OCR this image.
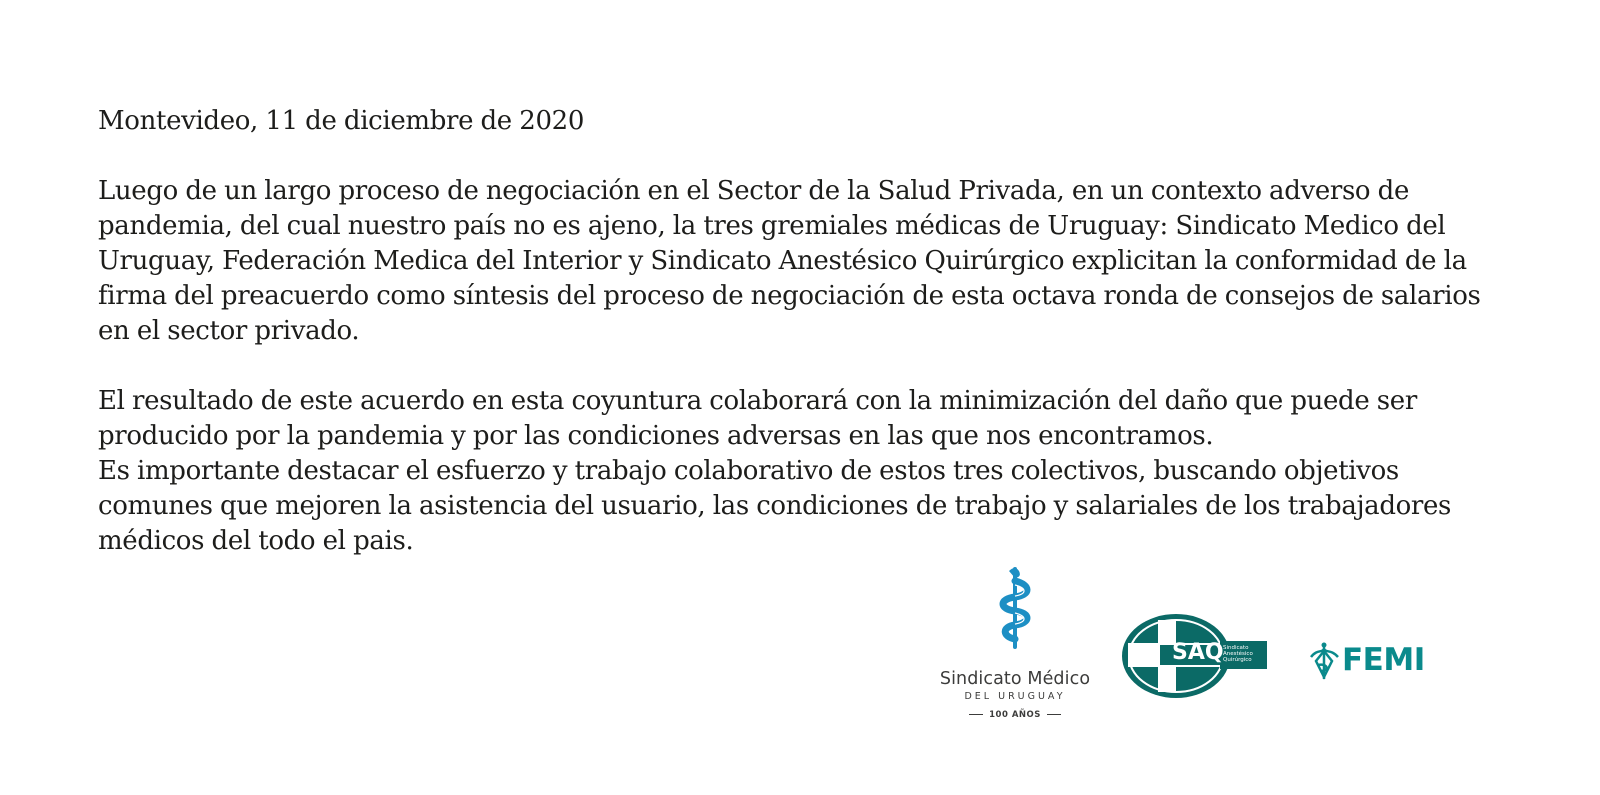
Montevideo, 11 de diciembre de 2020

Luego de un largo proceso de negociación en el Sector de la Salud Privada, en un contexto adverso de pandemia, del cual nuestro país no es ajeno, la tres gremiales médicas de Uruguay: Sindicato Medico del Uruguay, Federación Medica del Interior y Sindicato Anestésico Quirúrgico explicitan la conformidad de la firma del preacuerdo como síntesis del proceso de negociación de esta octava ronda de consejos de salarios en el sector privado.

El resultado de este acuerdo en esta coyuntura colaborará con la minimización del daño que puede ser producido por la pandemia y por las condiciones adversas en las que nos encontramos.

Es importante destacar el esfuerzo y trabajo colaborativo de estos tres colectivos, buscando objetivos comunes que mejoren la asistencia del usuario, las condiciones de trabajo y salariales de los trabajadores médicos del todo el pais.

Sindicato Médico
DEL URUGUAY
100 AÑOS
SAQ Sindicato
Anestésico
Quirúrgico	FEMI
